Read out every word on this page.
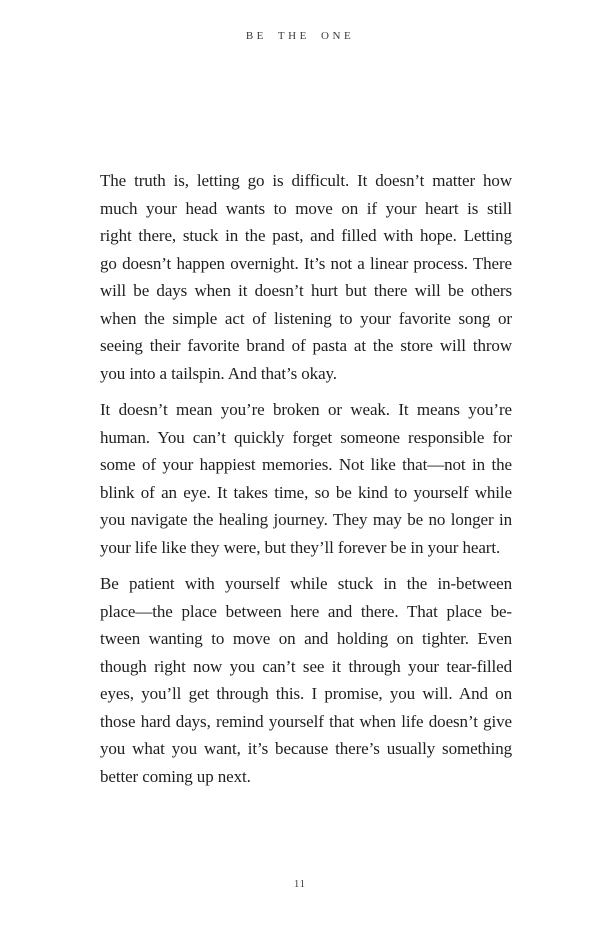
BE THE ONE
The truth is, letting go is difficult. It doesn’t matter how
much your head wants to move on if your heart is still
right there, stuck in the past, and filled with hope. Letting
go doesn’t happen overnight. It’s not a linear process. There
will be days when it doesn’t hurt but there will be others
when the simple act of listening to your favorite song or
seeing their favorite brand of pasta at the store will throw
you into a tailspin. And that’s okay.
It doesn’t mean you’re broken or weak. It means you’re
human. You can’t quickly forget someone responsible for
some of your happiest memories. Not like that—not in the
blink of an eye. It takes time, so be kind to yourself while
you navigate the healing journey. They may be no longer in
your life like they were, but they’ll forever be in your heart.
Be patient with yourself while stuck in the in-between
place—the place between here and there. That place be-
tween wanting to move on and holding on tighter. Even
though right now you can’t see it through your tear-filled
eyes, you’ll get through this. I promise, you will. And on
those hard days, remind yourself that when life doesn’t give
you what you want, it’s because there’s usually something
better coming up next.
11
